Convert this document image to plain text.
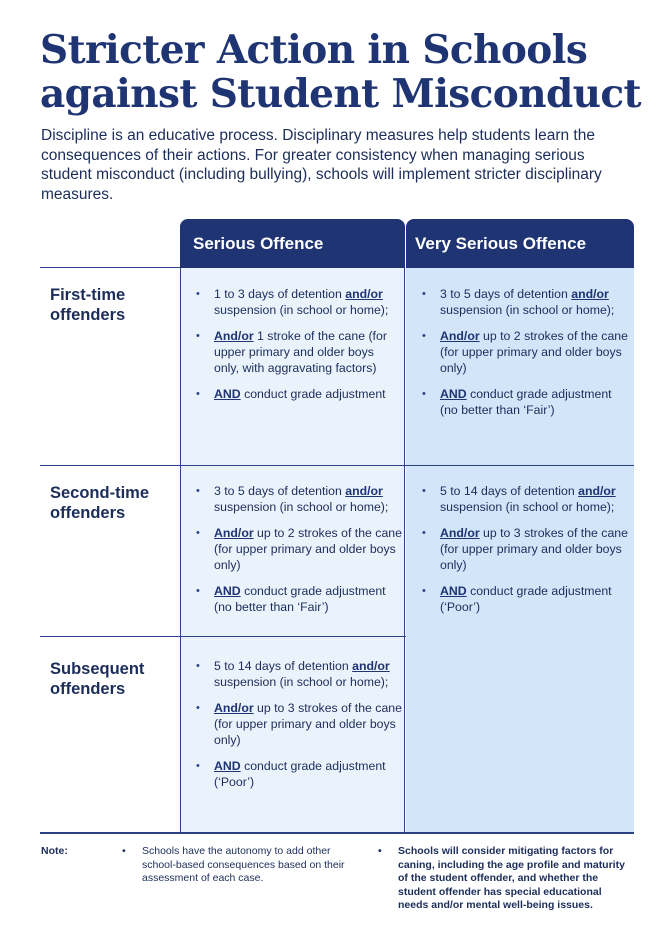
Stricter Action in Schools against Student Misconduct
Discipline is an educative process. Disciplinary measures help students learn the consequences of their actions. For greater consistency when managing serious student misconduct (including bullying), schools will implement stricter disciplinary measures.
Serious Offence	Very Serious Offence
First-time offenders
Second-time offenders
Subsequent offenders
• 1 to 3 days of detention and/or suspension (in school or home);
• And/or 1 stroke of the cane (for upper primary and older boys only, with aggravating factors)
• AND conduct grade adjustment
• 3 to 5 days of detention and/or suspension (in school or home);
• And/or up to 2 strokes of the cane (for upper primary and older boys only)
• AND conduct grade adjustment (no better than ‘Fair’)
• 5 to 14 days of detention and/or suspension (in school or home);
• And/or up to 3 strokes of the cane (for upper primary and older boys only)
• AND conduct grade adjustment (‘Poor’)
• 3 to 5 days of detention and/or suspension (in school or home);
• And/or up to 2 strokes of the cane (for upper primary and older boys only)
• AND conduct grade adjustment (no better than ‘Fair’)
• 5 to 14 days of detention and/or suspension (in school or home);
• And/or up to 3 strokes of the cane (for upper primary and older boys only)
• AND conduct grade adjustment (‘Poor’)
Note:	• Schools have the autonomy to add other school-based consequences based on their assessment of each case.
• Schools will consider mitigating factors for caning, including the age profile and maturity of the student offender, and whether the student offender has special educational needs and/or mental well-being issues.
